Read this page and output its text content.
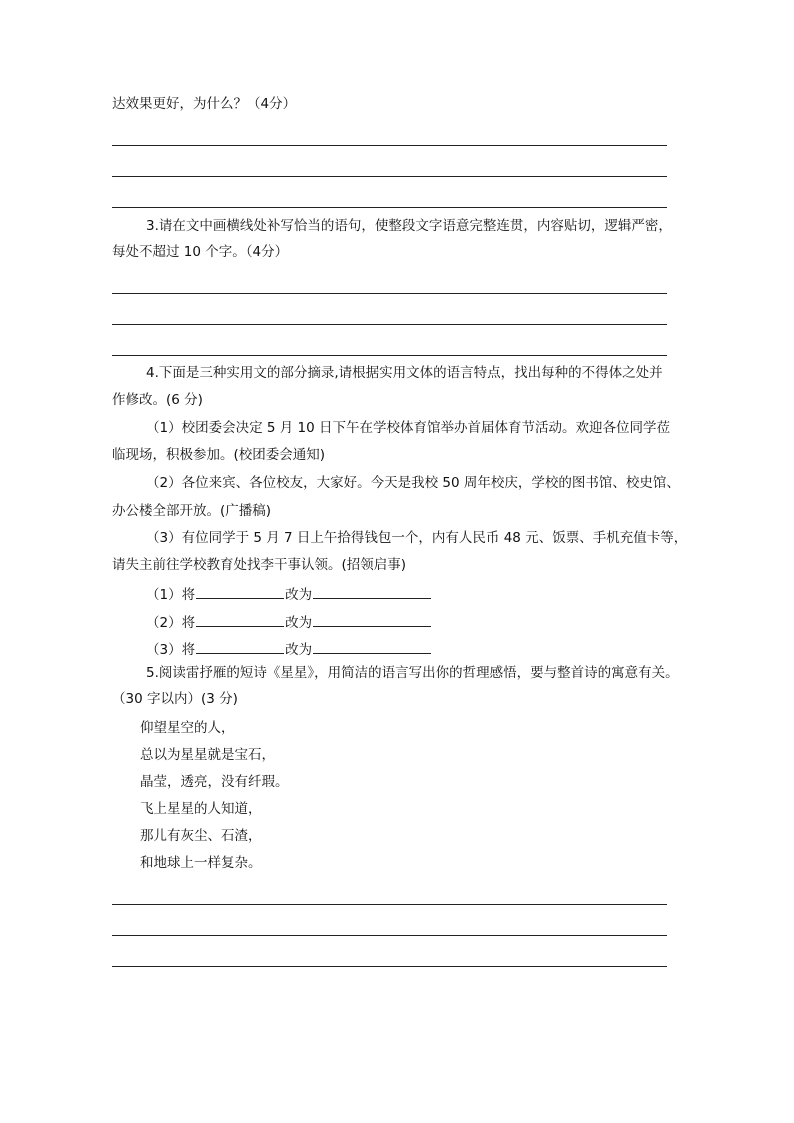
达效果更好，为什么？（4分）
3.请在文中画横线处补写恰当的语句，使整段文字语意完整连贯，内容贴切，逻辑严密，
每处不超过 10 个字。（4分）
4.下面是三种实用文的部分摘录,请根据实用文体的语言特点，找出每种的不得体之处并
作修改。(6 分)
（1）校团委会决定 5 月 10 日下午在学校体育馆举办首届体育节活动。欢迎各位同学莅
临现场，积极参加。(校团委会通知)
（2）各位来宾、各位校友，大家好。今天是我校 50 周年校庆，学校的图书馆、校史馆、
办公楼全部开放。(广播稿)
（3）有位同学于 5 月 7 日上午拾得钱包一个，内有人民币 48 元、饭票、手机充值卡等，
请失主前往学校教育处找李干事认领。(招领启事)
（1）将	改为
（2）将	改为
（3）将	改为
5.阅读雷抒雁的短诗《星星》，用简洁的语言写出你的哲理感悟，要与整首诗的寓意有关。
（30 字以内）(3 分)
仰望星空的人，
总以为星星就是宝石，
晶莹，透亮，没有纤瑕。
飞上星星的人知道，
那儿有灰尘、石渣，
和地球上一样复杂。
